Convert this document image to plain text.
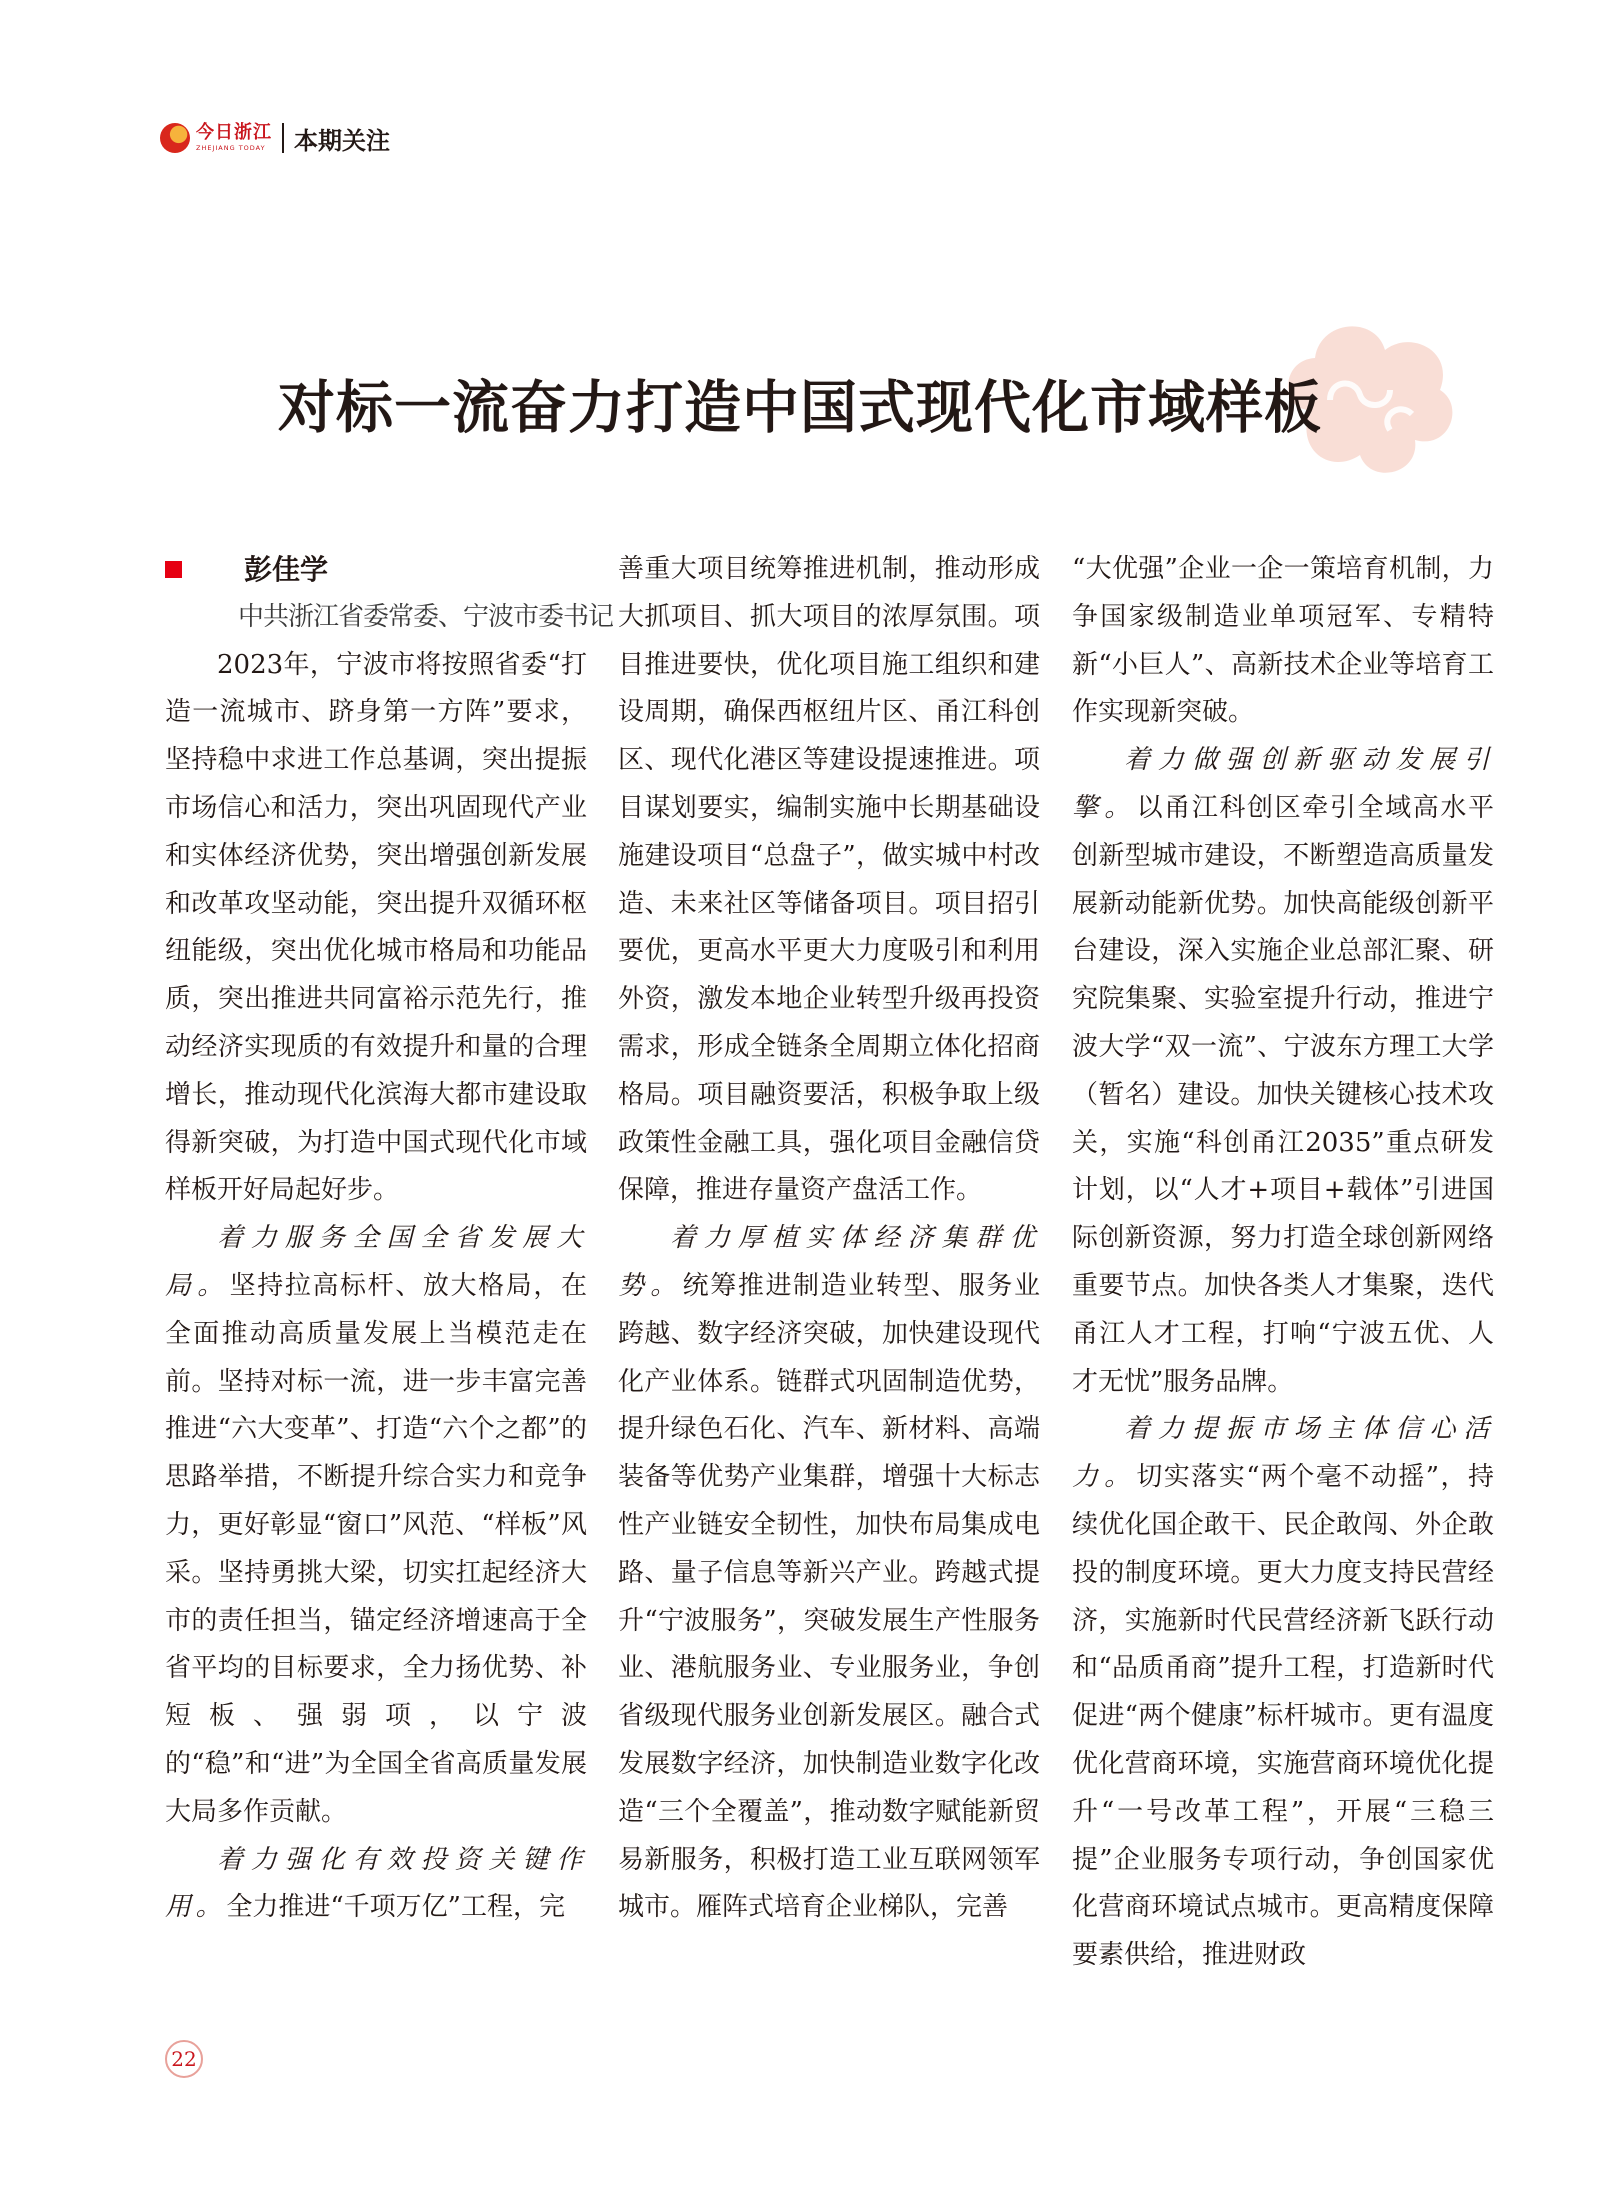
今日浙江
ZHEJIANG TODAY 本期关注
对标一流奋力打造中国式现代化市域样板

彭佳学

中共浙江省委常委、宁波市委书记

2023年，宁波市将按照省委“打造一流城市、跻身第一方阵”要求，坚持稳中求进工作总基调，突出提振市场信心和活力，突出巩固现代产业和实体经济优势，突出增强创新发展和改革攻坚动能，突出提升双循环枢纽能级，突出优化城市格局和功能品质，突出推进共同富裕示范先行，推动经济实现质的有效提升和量的合理增长，推动现代化滨海大都市建设取得新突破，为打造中国式现代化市域样板开好局起好步。

着力服务全国全省发展大局。坚持拉高标杆、放大格局，在全面推动高质量发展上当模范走在前。坚持对标一流，进一步丰富完善推进“六大变革”、打造“六个之都”的思路举措，不断提升综合实力和竞争力，更好彰显“窗口”风范、“样板”风采。坚持勇挑大梁，切实扛起经济大市的责任担当，锚定经济增速高于全省平均的目标要求，全力扬优势、补短板、强弱项，以宁波的“稳”和“进”为全国全省高质量发展大局多作贡献。

着力强化有效投资关键作用。全力推进“千项万亿”工程，完

善重大项目统筹推进机制，推动形成大抓项目、抓大项目的浓厚氛围。项目推进要快，优化项目施工组织和建设周期，确保西枢纽片区、甬江科创区、现代化港区等建设提速推进。项目谋划要实，编制实施中长期基础设施建设项目“总盘子”，做实城中村改造、未来社区等储备项目。项目招引要优，更高水平更大力度吸引和利用外资，激发本地企业转型升级再投资需求，形成全链条全周期立体化招商格局。项目融资要活，积极争取上级政策性金融工具，强化项目金融信贷保障，推进存量资产盘活工作。

着力厚植实体经济集群优势。统筹推进制造业转型、服务业跨越、数字经济突破，加快建设现代化产业体系。链群式巩固制造优势，提升绿色石化、汽车、新材料、高端装备等优势产业集群，增强十大标志性产业链安全韧性，加快布局集成电路、量子信息等新兴产业。跨越式提升“宁波服务”，突破发展生产性服务业、港航服务业、专业服务业，争创省级现代服务业创新发展区。融合式发展数字经济，加快制造业数字化改造“三个全覆盖”，推动数字赋能新贸易新服务，积极打造工业互联网领军城市。雁阵式培育企业梯队，完善

“大优强”企业一企一策培育机制，力争国家级制造业单项冠军、专精特新“小巨人”、高新技术企业等培育工作实现新突破。

着力做强创新驱动发展引擎。以甬江科创区牵引全域高水平创新型城市建设，不断塑造高质量发展新动能新优势。加快高能级创新平台建设，深入实施企业总部汇聚、研究院集聚、实验室提升行动，推进宁波大学“双一流”、宁波东方理工大学（暂名）建设。加快关键核心技术攻关，实施“科创甬江2035”重点研发计划，以“人才+项目+载体”引进国际创新资源，努力打造全球创新网络重要节点。加快各类人才集聚，迭代甬江人才工程，打响“宁波五优、人才无忧”服务品牌。

着力提振市场主体信心活力。切实落实“两个毫不动摇”，持续优化国企敢干、民企敢闯、外企敢投的制度环境。更大力度支持民营经济，实施新时代民营经济新飞跃行动和“品质甬商”提升工程，打造新时代促进“两个健康”标杆城市。更有温度优化营商环境，实施营商环境优化提升“一号改革工程”，开展“三稳三提”企业服务专项行动，争创国家优化营商环境试点城市。更高精度保障要素供给，推进财政

22
